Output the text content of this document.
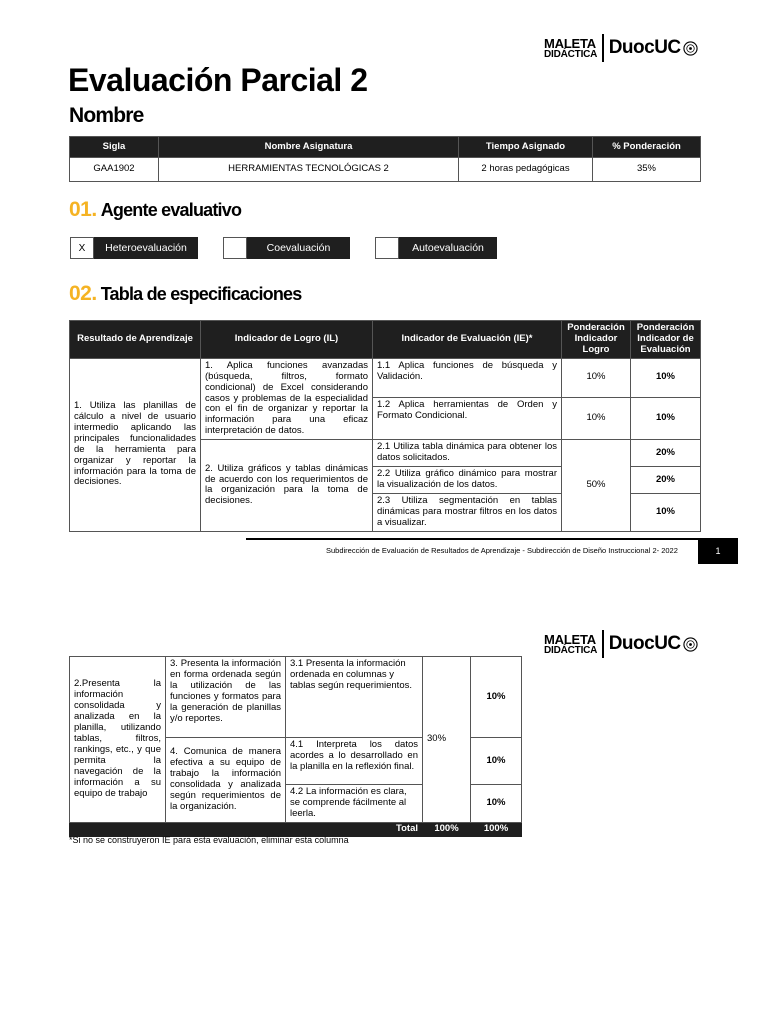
MALETA
DIDÁCTICA DuocUC
Evaluación Parcial 2
Nombre
Sigla	Nombre Asignatura	Tiempo Asignado	% Ponderación
GAA1902	HERRAMIENTAS TECNOLÓGICAS 2	2 horas pedagógicas	35%
01. Agente evaluativo
X	Heteroevaluación	Coevaluación	Autoevaluación
02. Tabla de especificaciones
Resultado de Aprendizaje	Indicador de Logro (IL)	Indicador de Evaluación (IE)*	Ponderación Indicador Logro	Ponderación Indicador de Evaluación
1. Utiliza las planillas de cálculo a nivel de usuario intermedio aplicando las principales funcionalidades de la herramienta para organizar y reportar la información para la toma de decisiones.	1. Aplica funciones avanzadas (búsqueda, filtros, formato condicional) de Excel considerando casos y problemas de la especialidad con el fin de organizar y reportar la información para una eficaz interpretación de datos.	1.1 Aplica funciones de búsqueda y Validación.	10%	10%
		1.2 Aplica herramientas de Orden y Formato Condicional.	10%	10%
	2. Utiliza gráficos y tablas dinámicas de acuerdo con los requerimientos de la organización para la toma de decisiones.	2.1 Utiliza tabla dinámica para obtener los datos solicitados.	50%	20%
		2.2 Utiliza gráfico dinámico para mostrar la visualización de los datos.		20%
		2.3 Utiliza segmentación en tablas dinámicas para mostrar filtros en los datos a visualizar.		10%
Subdirección de Evaluación de Resultados de Aprendizaje - Subdirección de Diseño Instruccional 2- 2022	1
MALETA
DIDÁCTICA DuocUC
2.Presenta la información consolidada y analizada en la planilla, utilizando tablas, filtros, rankings, etc., y que permita la navegación de la información a su equipo de trabajo	3. Presenta la información en forma ordenada según la utilización de las funciones y formatos para la generación de planillas y/o reportes.	3.1 Presenta la información ordenada en columnas y tablas según requerimientos.	30%	10%
	4. Comunica de manera efectiva a su equipo de trabajo la información consolidada y analizada según requerimientos de la organización.	4.1 Interpreta los datos acordes a lo desarrollado en la planilla en la reflexión final.		10%
		4.2 La información es clara, se comprende fácilmente al leerla.		10%
Total			100%	100%
*Si no se construyeron IE para esta evaluación, eliminar esta columna
